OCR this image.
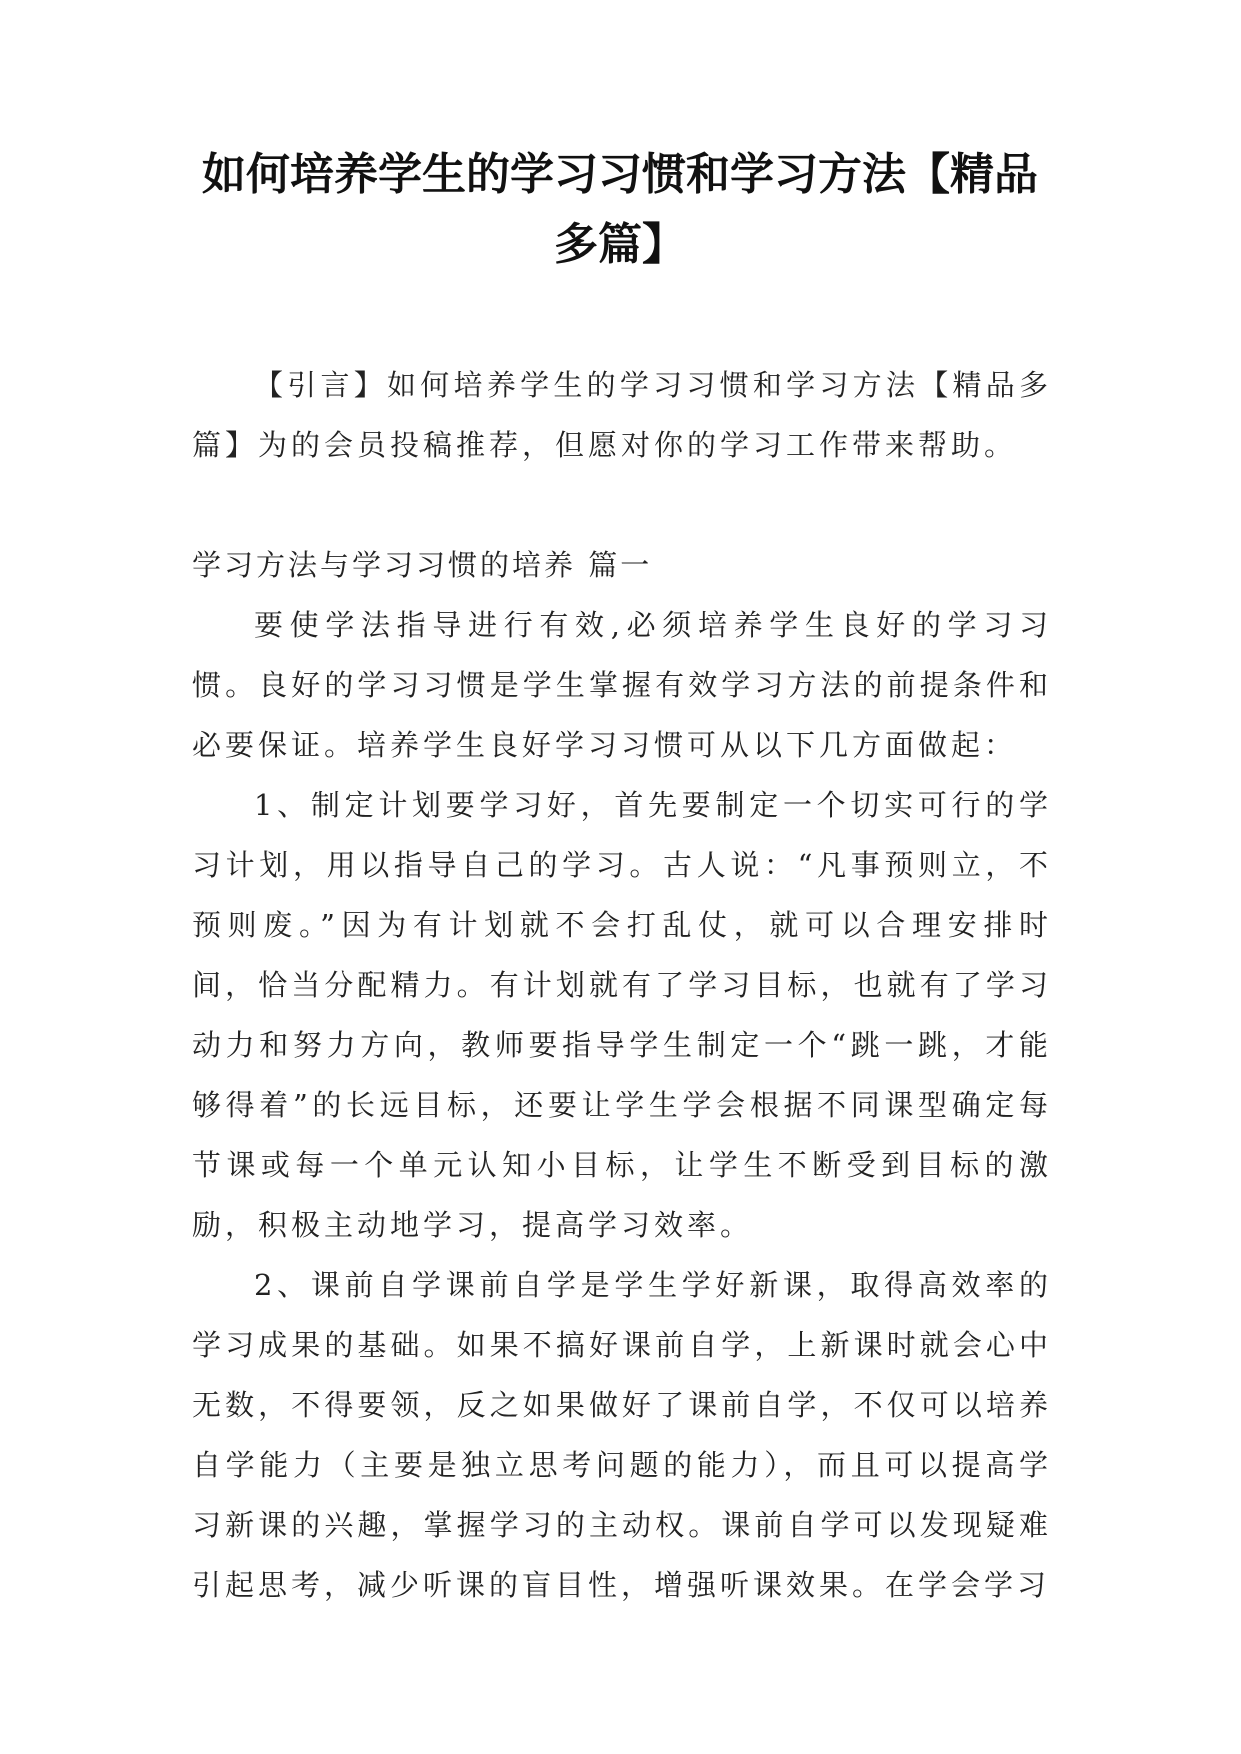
如何培养学生的学习习惯和学习方法【精品
多篇】

【引言】如何培养学生的学习习惯和学习方法【精品多篇】为的会员投稿推荐，但愿对你的学习工作带来帮助。

学习方法与学习习惯的培养 篇一

要使学法指导进行有效,必须培养学生良好的学习习惯。良好的学习习惯是学生掌握有效学习方法的前提条件和必要保证。培养学生良好学习习惯可从以下几方面做起：

1、制定计划要学习好，首先要制定一个切实可行的学习计划，用以指导自己的学习。古人说：“凡事预则立，不预则废。”因为有计划就不会打乱仗，就可以合理安排时间，恰当分配精力。有计划就有了学习目标，也就有了学习动力和努力方向，教师要指导学生制定一个“跳一跳，才能够得着”的长远目标，还要让学生学会根据不同课型确定每节课或每一个单元认知小目标，让学生不断受到目标的激励，积极主动地学习，提高学习效率。

2、课前自学课前自学是学生学好新课，取得高效率的学习成果的基础。如果不搞好课前自学，上新课时就会心中无数，不得要领，反之如果做好了课前自学，不仅可以培养自学能力（主要是独立思考问题的能力），而且可以提高学习新课的兴趣，掌握学习的主动权。课前自学可以发现疑难引起思考，减少听课的盲目性，增强听课效果。在学会学习
